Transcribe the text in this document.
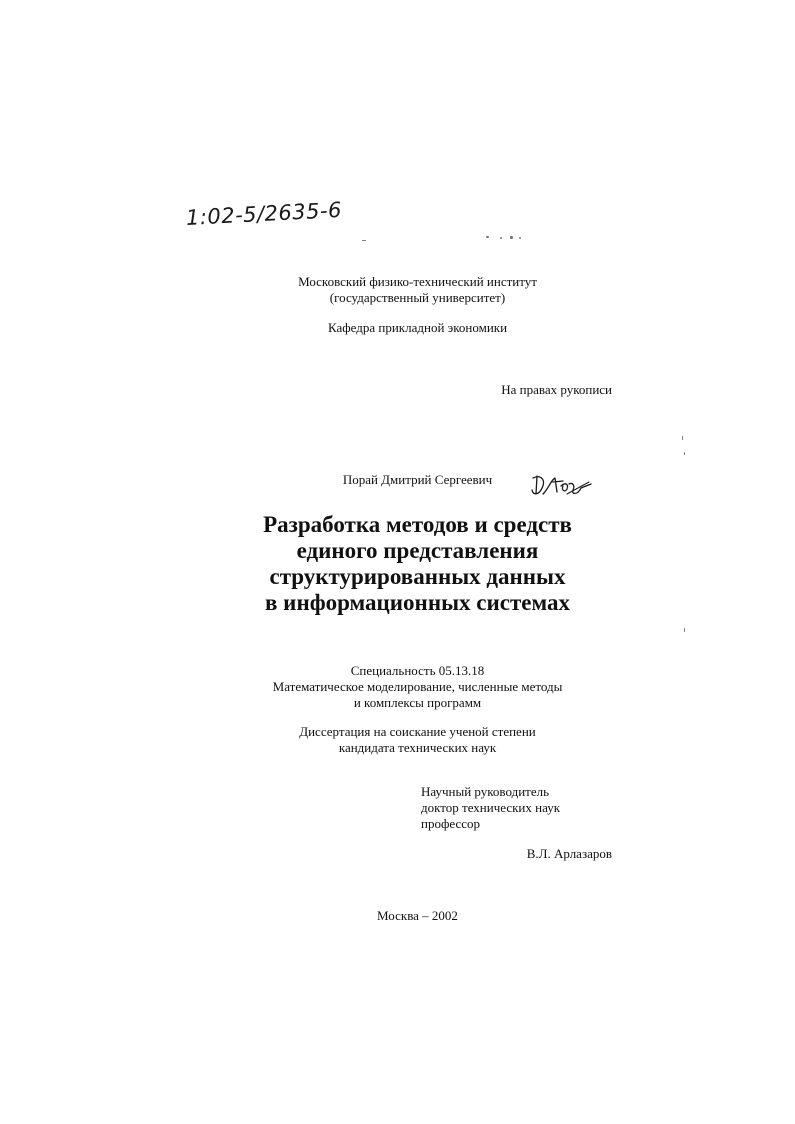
1:02-5/2635-6
Московский физико-технический институт
(государственный университет)
Кафедра прикладной экономики
На правах рукописи
Порай Дмитрий Сергеевич
Разработка методов и средств
единого представления
структурированных данных
в информационных системах
Специальность 05.13.18
Математическое моделирование, численные методы
и комплексы программ
Диссертация на соискание ученой степени
кандидата технических наук
Научный руководитель
доктор технических наук
профессор
В.Л. Арлазаров
Москва – 2002
